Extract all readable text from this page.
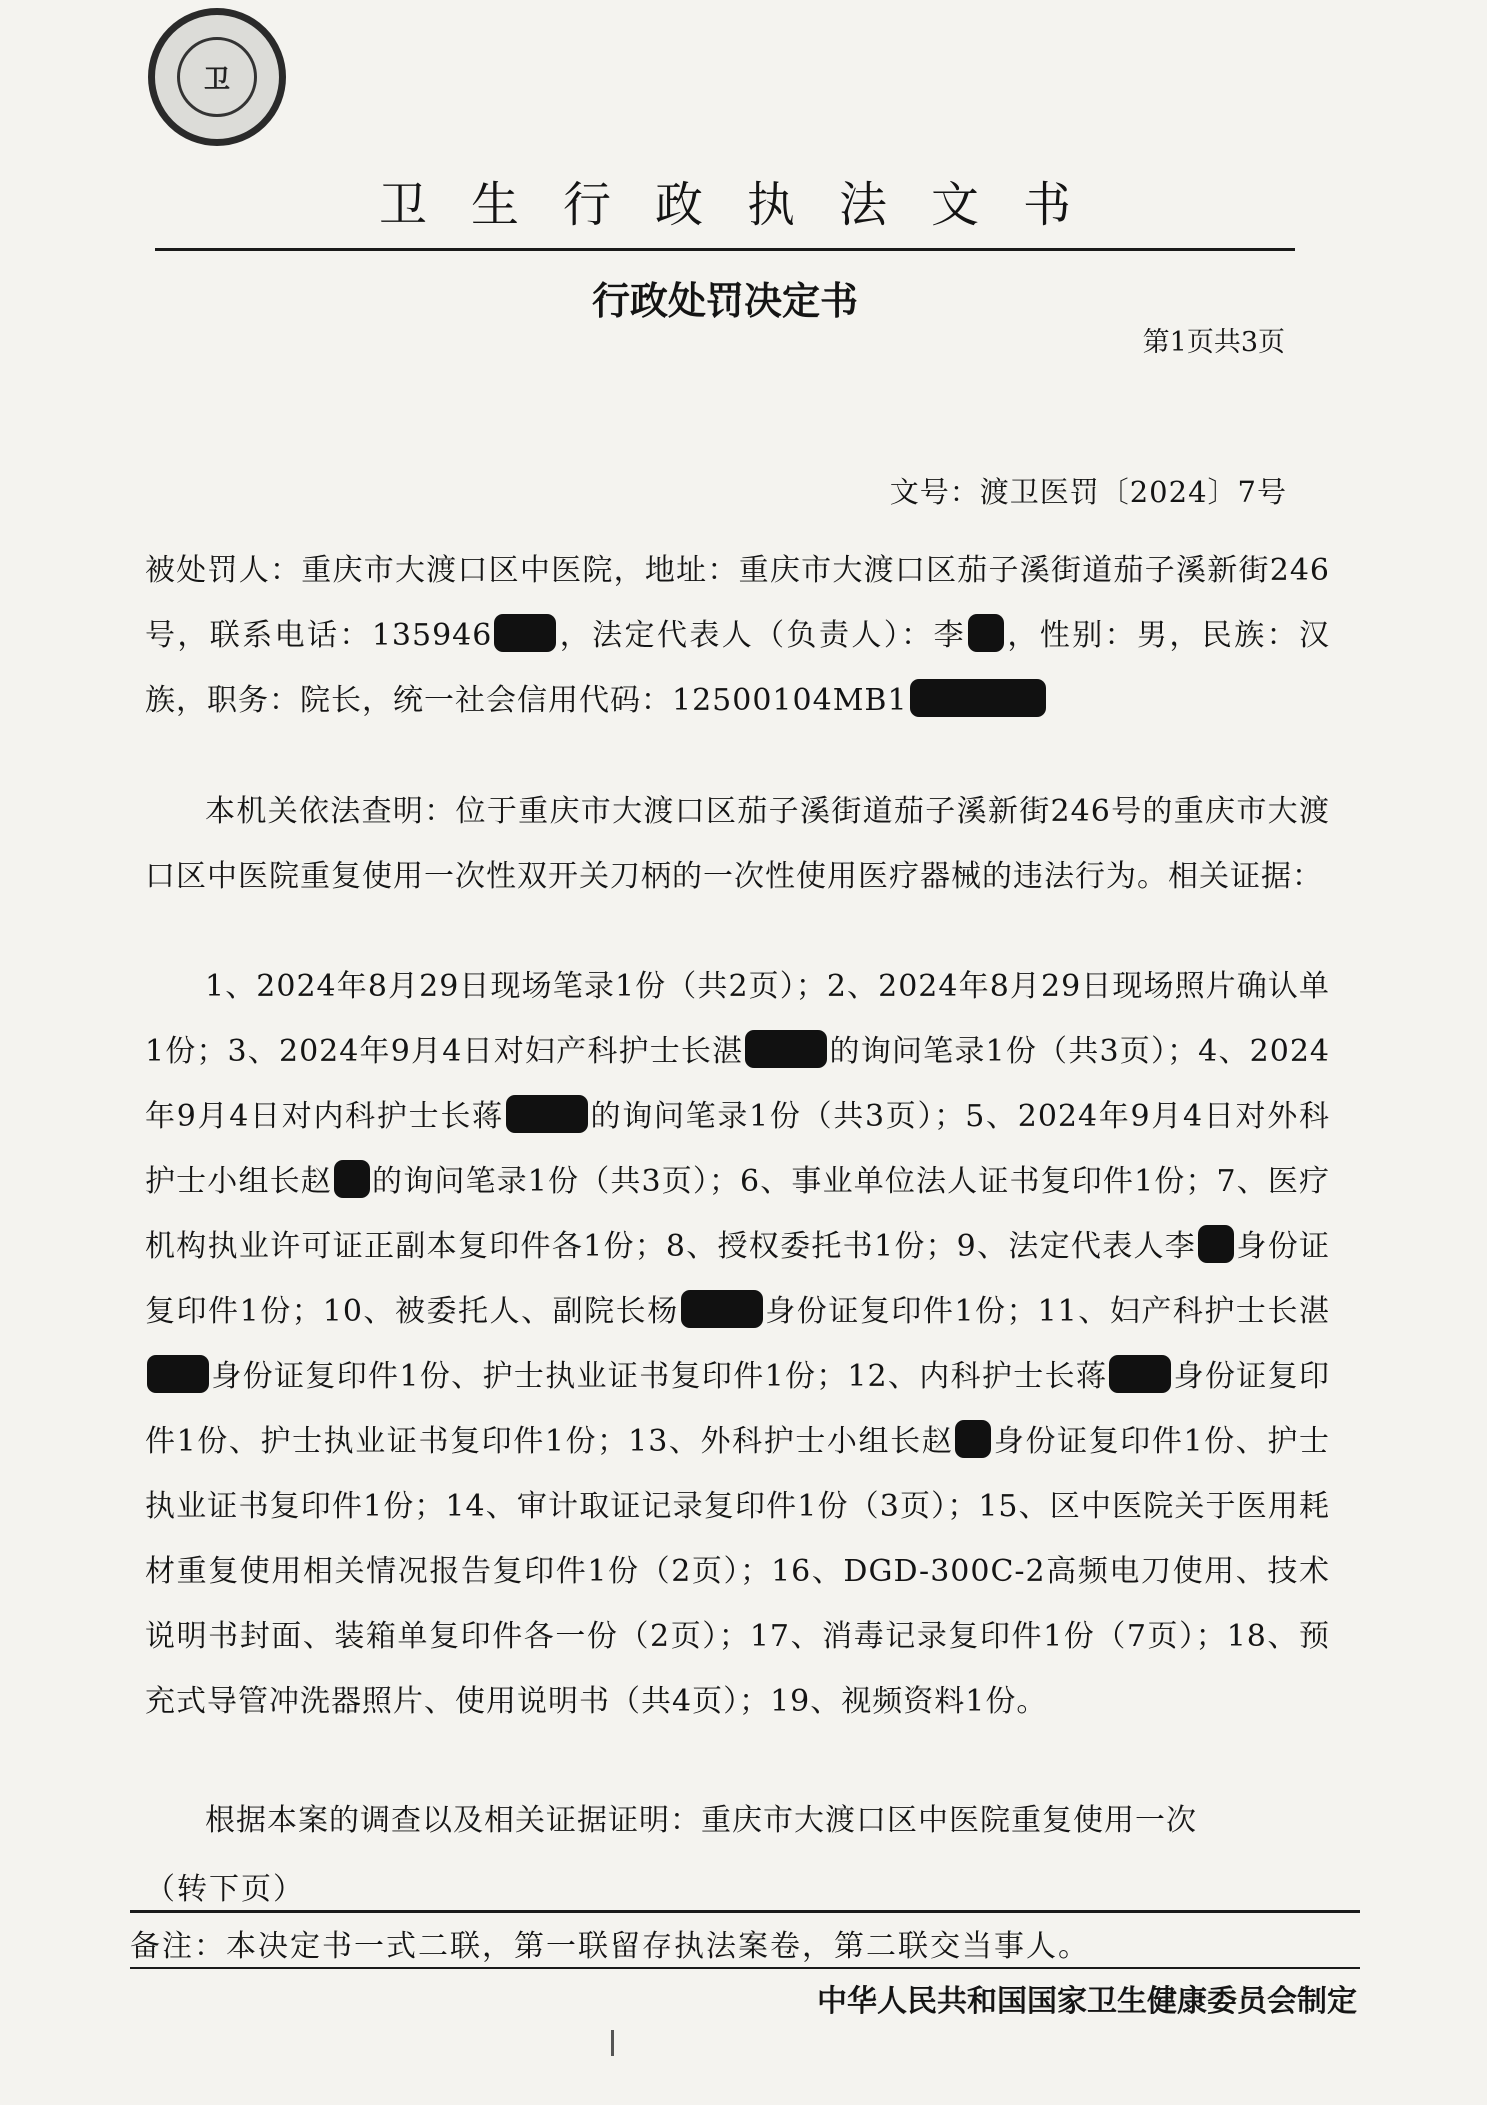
卫
卫生行政执法文书
行政处罚决定书
第1页共3页
文号：渡卫医罚〔2024〕7号
被处罚人：重庆市大渡口区中医院，地址：重庆市大渡口区茄子溪街道茄子溪新街246号，联系电话：135946 ，法定代表人（负责人）：李 ，性别：男，民族：汉族，职务：院长，统一社会信用代码：12500104MB1
本机关依法查明：位于重庆市大渡口区茄子溪街道茄子溪新街246号的重庆市大渡口区中医院重复使用一次性双开关刀柄的一次性使用医疗器械的违法行为。相关证据：
1、2024年8月29日现场笔录1份（共2页）；2、2024年8月29日现场照片确认单1份；3、2024年9月4日对妇产科护士长湛	的询问笔录1份（共3页）；4、2024年9月4日对内科护士长蒋	的询问笔录1份（共3页）；5、2024年9月4日对外科护士小组长赵 的询问笔录1份（共3页）；6、事业单位法人证书复印件1份；7、医疗机构执业许可证正副本复印件各1份；8、授权委托书1份；9、法定代表人李 身份证复印件1份；10、被委托人、副院长杨	身份证复印件1份；11、妇产科护士长湛身份证复印件1份、护士执业证书复印件1份；12、内科护士长蒋 身份证复印件1份、护士执业证书复印件1份；13、外科护士小组长赵 身份证复印件1份、护士执业证书复印件1份；14、审计取证记录复印件1份（3页）；15、区中医院关于医用耗材重复使用相关情况报告复印件1份（2页）；16、DGD-300C-2高频电刀使用、技术说明书封面、装箱单复印件各一份（2页）；17、消毒记录复印件1份（7页）；18、预充式导管冲洗器照片、使用说明书（共4页）；19、视频资料1份。
根据本案的调查以及相关证据证明：重庆市大渡口区中医院重复使用一次
（转下页）
备注：本决定书一式二联，第一联留存执法案卷，第二联交当事人。
中华人民共和国国家卫生健康委员会制定
